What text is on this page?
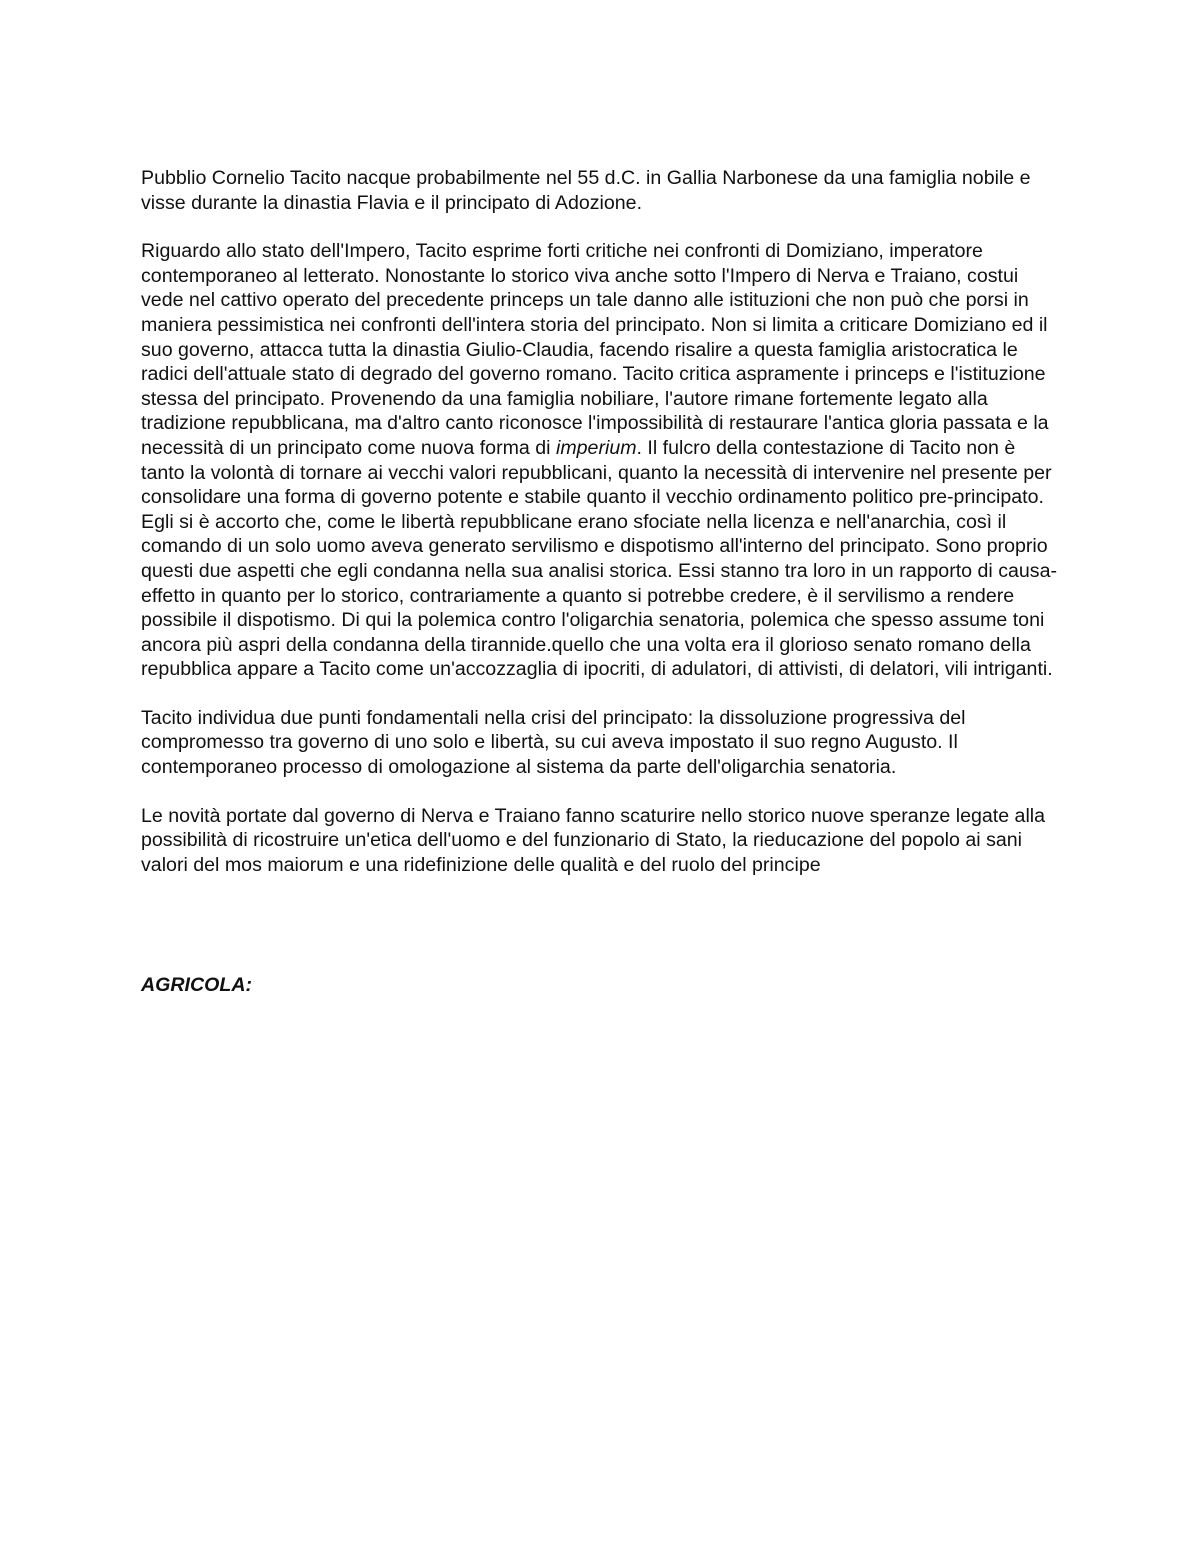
Pubblio Cornelio Tacito nacque probabilmente nel 55 d.C. in Gallia Narbonese da una famiglia nobile e visse durante la dinastia Flavia e il principato di Adozione.

Riguardo allo stato dell'Impero, Tacito esprime forti critiche nei confronti di Domiziano, imperatore contemporaneo al letterato. Nonostante lo storico viva anche sotto l'Impero di Nerva e Traiano, costui vede nel cattivo operato del precedente princeps un tale danno alle istituzioni che non può che porsi in maniera pessimistica nei confronti dell'intera storia del principato. Non si limita a criticare Domiziano ed il suo governo, attacca tutta la dinastia Giulio-Claudia, facendo risalire a questa famiglia aristocratica le radici dell'attuale stato di degrado del governo romano. Tacito critica aspramente i princeps e l'istituzione stessa del principato. Provenendo da una famiglia nobiliare, l'autore rimane fortemente legato alla tradizione repubblicana, ma d'altro canto riconosce l'impossibilità di restaurare l'antica gloria passata e la necessità di un principato come nuova forma di imperium. Il fulcro della contestazione di Tacito non è tanto la volontà di tornare ai vecchi valori repubblicani, quanto la necessità di intervenire nel presente per consolidare una forma di governo potente e stabile quanto il vecchio ordinamento politico pre-principato. Egli si è accorto che, come le libertà repubblicane erano sfociate nella licenza e nell'anarchia, così il comando di un solo uomo aveva generato servilismo e dispotismo all'interno del principato. Sono proprio questi due aspetti che egli condanna nella sua analisi storica. Essi stanno tra loro in un rapporto di causa-effetto in quanto per lo storico, contrariamente a quanto si potrebbe credere, è il servilismo a rendere possibile il dispotismo. Di qui la polemica contro l'oligarchia senatoria, polemica che spesso assume toni ancora più aspri della condanna della tirannide.quello che una volta era il glorioso senato romano della repubblica appare a Tacito come un'accozzaglia di ipocriti, di adulatori, di attivisti, di delatori, vili intriganti.

Tacito individua due punti fondamentali nella crisi del principato: la dissoluzione progressiva del compromesso tra governo di uno solo e libertà, su cui aveva impostato il suo regno Augusto. Il contemporaneo processo di omologazione al sistema da parte dell'oligarchia senatoria.

Le novità portate dal governo di Nerva e Traiano fanno scaturire nello storico nuove speranze legate alla possibilità di ricostruire un'etica dell'uomo e del funzionario di Stato, la rieducazione del popolo ai sani valori del mos maiorum e una ridefinizione delle qualità e del ruolo del principe

AGRICOLA:
